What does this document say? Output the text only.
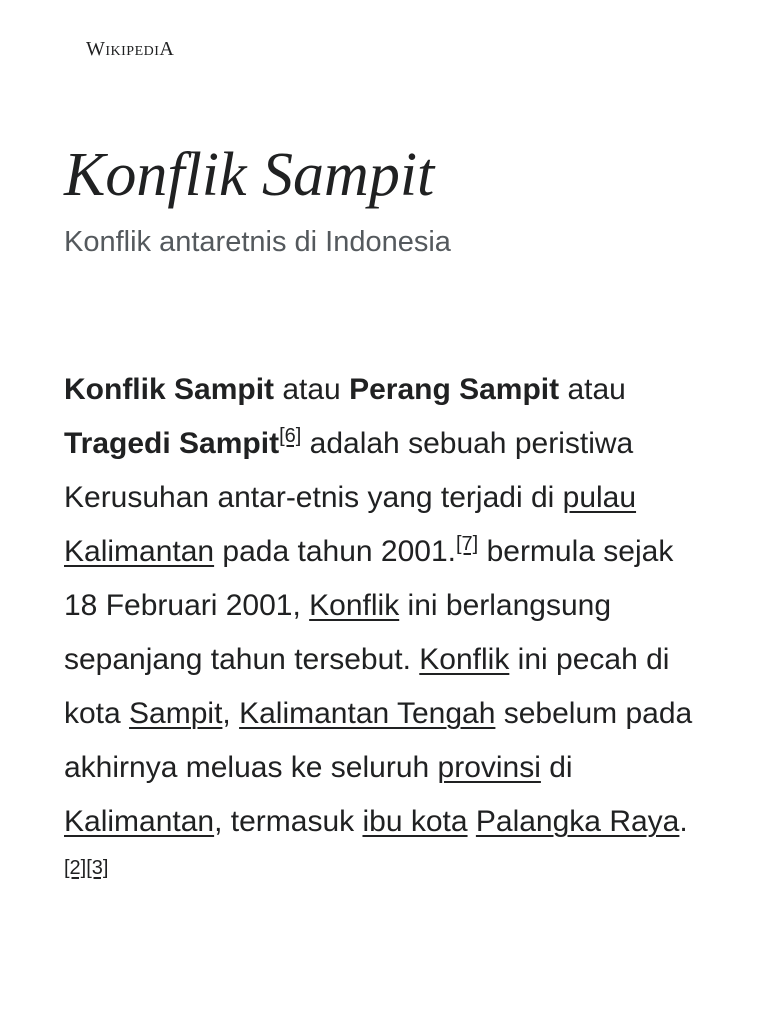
WikipediA
Konflik Sampit
Konflik antaretnis di Indonesia

Konflik Sampit atau Perang Sampit atau Tragedi Sampit[6] adalah sebuah peristiwa Kerusuhan antar-etnis yang terjadi di pulau Kalimantan pada tahun 2001.[7] bermula sejak 18 Februari 2001, Konflik ini berlangsung sepanjang tahun tersebut. Konflik ini pecah di kota Sampit, Kalimantan Tengah sebelum pada akhirnya meluas ke seluruh provinsi di Kalimantan, termasuk ibu kota Palangka Raya.[2][3]
